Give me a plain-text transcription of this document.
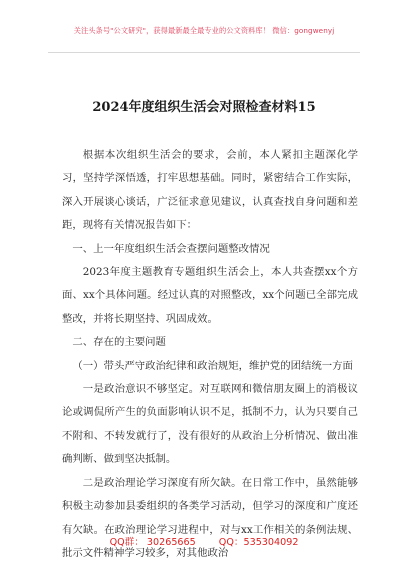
关注头条号"公文研究"，获得最新最全最专业的公文资料库！ 微信：gongwenyj
2024年度组织生活会对照检查材料15

根据本次组织生活会的要求，会前，本人紧扣主题深化学习，坚持学深悟透，打牢思想基础。同时，紧密结合工作实际，深入开展谈心谈话，广泛征求意见建议，认真查找自身问题和差距，现将有关情况报告如下：

一、上一年度组织生活会查摆问题整改情况

2023年度主题教育专题组织生活会上，本人共查摆xx个方面、xx个具体问题。经过认真的对照整改，xx个问题已全部完成整改，并将长期坚持、巩固成效。

二、存在的主要问题

（一）带头严守政治纪律和政治规矩，维护党的团结统一方面

一是政治意识不够坚定。对互联网和微信朋友圈上的消极议论或调侃所产生的负面影响认识不足，抵制不力，认为只要自己不附和、不转发就行了，没有很好的从政治上分析情况、做出准确判断、做到坚决抵制。

二是政治理论学习深度有所欠缺。在日常工作中，虽然能够积极主动参加县委组织的各类学习活动，但学习的深度和广度还有欠缺。在政治理论学习进程中，对与xx工作相关的条例法规、批示文件精神学习较多，对其他政治

QQ群： 30265665 QQ：535304092
